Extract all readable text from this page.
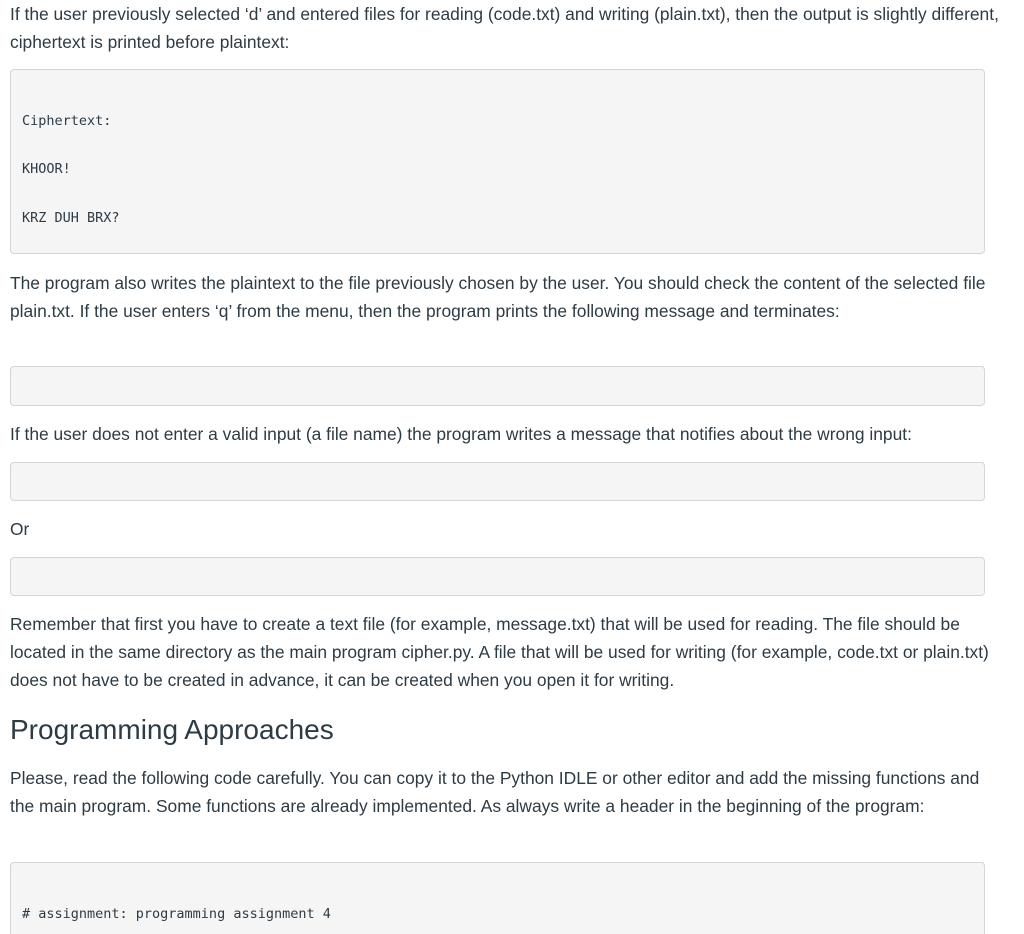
If the user previously selected ‘d’ and entered files for reading (code.txt) and writing (plain.txt), then the output is slightly different, ciphertext is printed before plaintext:

Ciphertext:

KHOOR!

KRZ DUH BRX?

The program also writes the plaintext to the file previously chosen by the user. You should check the content of the selected file plain.txt. If the user enters ‘q’ from the menu, then the program prints the following message and terminates:

If the user does not enter a valid input (a file name) the program writes a message that notifies about the wrong input:

Or

Remember that first you have to create a text file (for example, message.txt) that will be used for reading. The file should be located in the same directory as the main program cipher.py. A file that will be used for writing (for example, code.txt or plain.txt) does not have to be created in advance, it can be created when you open it for writing.

Programming Approaches

Please, read the following code carefully. You can copy it to the Python IDLE or other editor and add the missing functions and the main program. Some functions are already implemented. As always write a header in the beginning of the program:

# assignment: programming assignment 4
